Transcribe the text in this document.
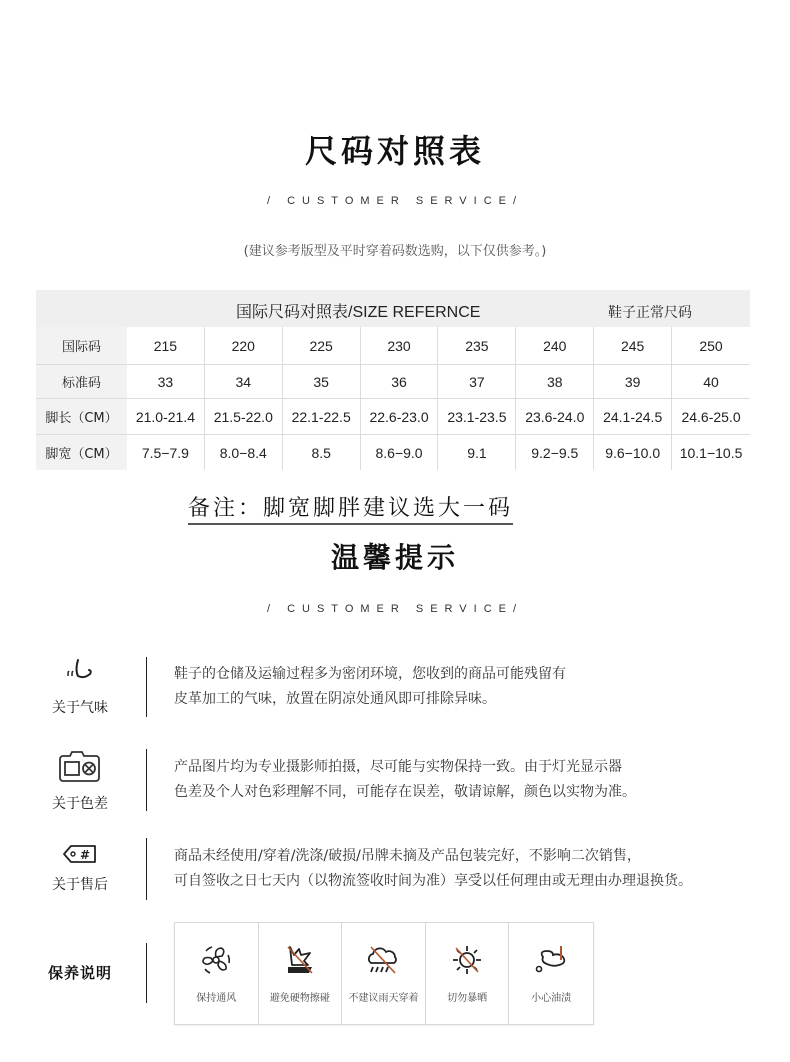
尺码对照表
/ CUSTOMER SERVICE/
(建议参考版型及平时穿着码数选购，以下仅供参考。)
国际尺码对照表/SIZE REFERNCE	鞋子正常尺码
国际码	215	220	225	230	235	240	245	250
标准码	33	34	35	36	37	38	39	40
脚长（CM）	21.0-21.4	21.5-22.0	22.1-22.5	22.6-23.0	23.1-23.5	23.6-24.0	24.1-24.5	24.6-25.0
脚宽（CM）	7.5−7.9	8.0−8.4	8.5	8.6−9.0	9.1	9.2−9.5	9.6−10.0	10.1−10.5
备注：脚宽脚胖建议选大一码
温馨提示
/ CUSTOMER SERVICE/
关于气味
鞋子的仓储及运输过程多为密闭环境，您收到的商品可能残留有
皮革加工的气味，放置在阴凉处通风即可排除异味。
关于色差
产品图片均为专业摄影师拍摄，尽可能与实物保持一致。由于灯光显示器
色差及个人对色彩理解不同，可能存在误差，敬请谅解，颜色以实物为准。
#
关于售后
商品未经使用/穿着/洗涤/破损/吊牌未摘及产品包装完好，不影响二次销售，
可自签收之日七天内（以物流签收时间为准）享受以任何理由或无理由办理退换货。
保养说明
保持通风	避免硬物擦碰 不建议雨天穿着	切勿暴晒	小心油渍
